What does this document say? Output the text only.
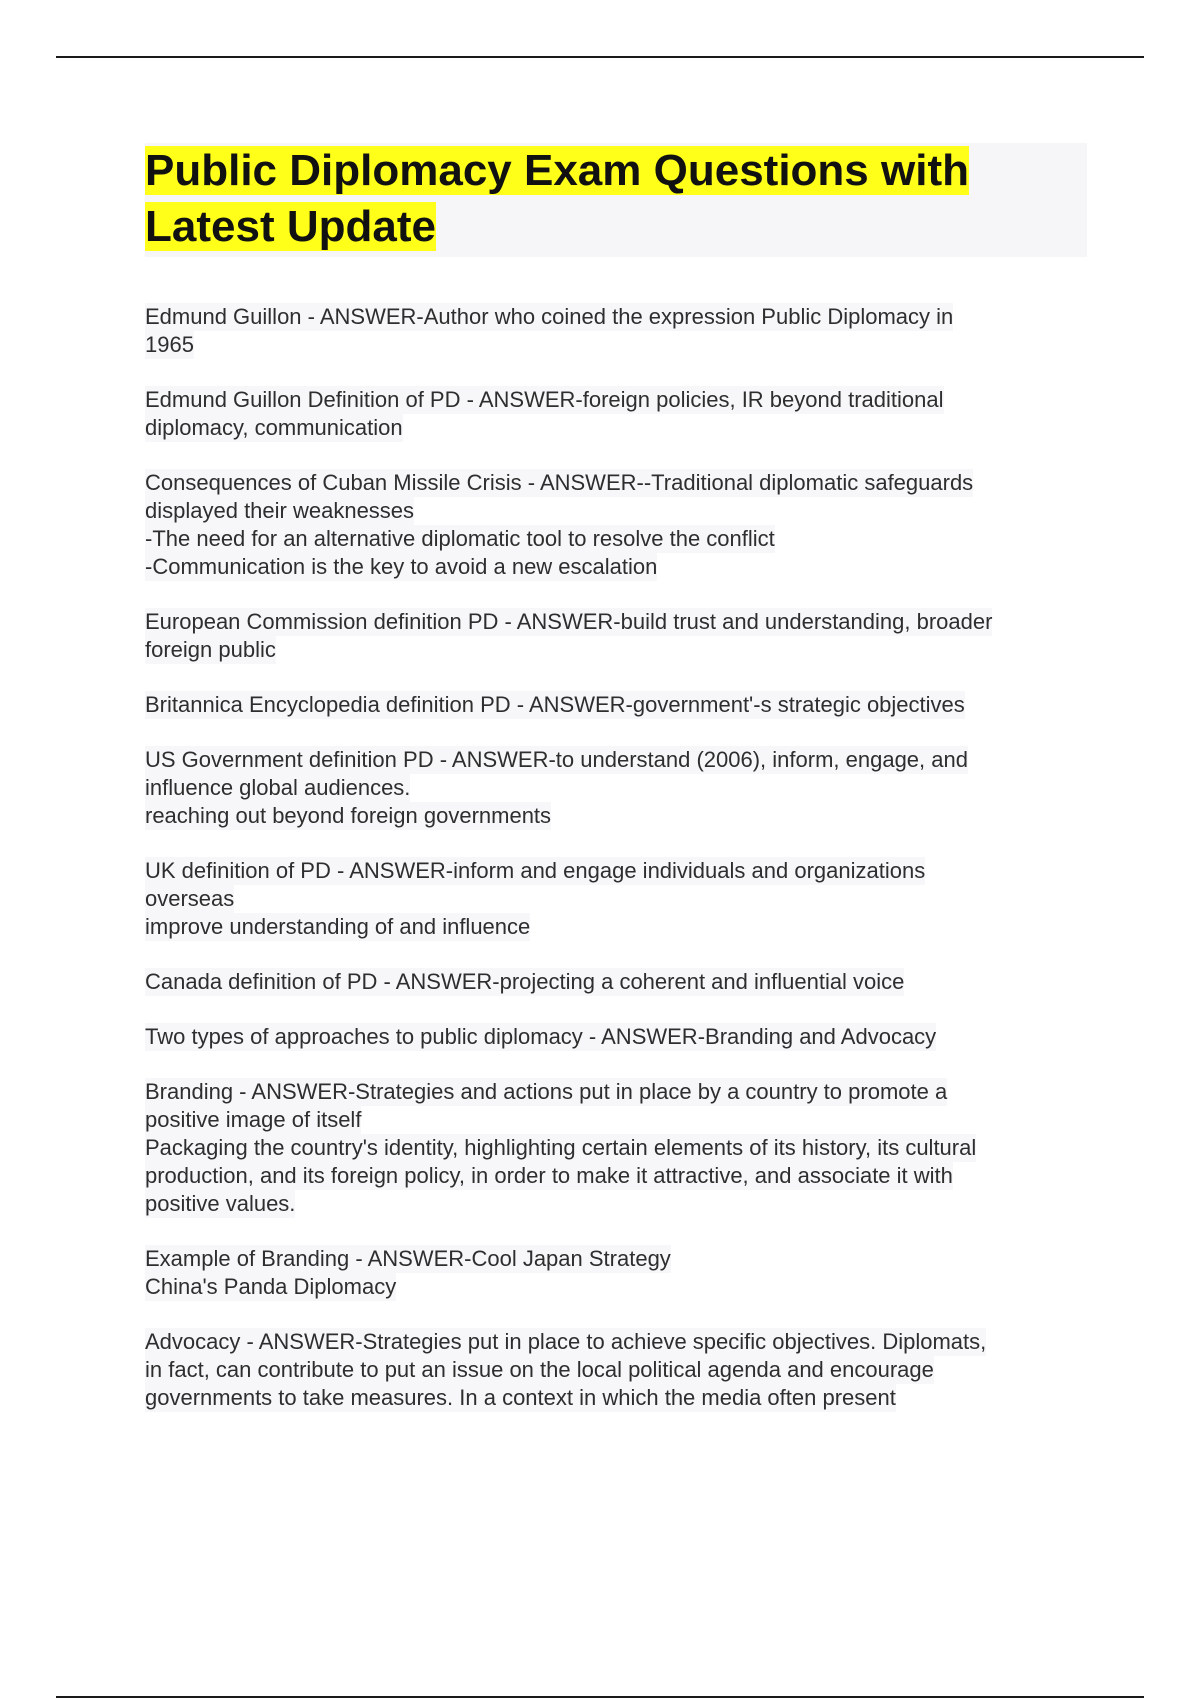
Public Diplomacy Exam Questions with
Latest Update
Edmund Guillon - ANSWER-Author who coined the expression Public Diplomacy in
1965
Edmund Guillon Definition of PD - ANSWER-foreign policies, IR beyond traditional
diplomacy, communication
Consequences of Cuban Missile Crisis - ANSWER--Traditional diplomatic safeguards
displayed their weaknesses
-The need for an alternative diplomatic tool to resolve the conflict
-Communication is the key to avoid a new escalation
European Commission definition PD - ANSWER-build trust and understanding, broader
foreign public
Britannica Encyclopedia definition PD - ANSWER-government'-s strategic objectives
US Government definition PD - ANSWER-to understand (2006), inform, engage, and
influence global audiences.
reaching out beyond foreign governments
UK definition of PD - ANSWER-inform and engage individuals and organizations
overseas
improve understanding of and influence
Canada definition of PD - ANSWER-projecting a coherent and influential voice
Two types of approaches to public diplomacy - ANSWER-Branding and Advocacy
Branding - ANSWER-Strategies and actions put in place by a country to promote a
positive image of itself
Packaging the country's identity, highlighting certain elements of its history, its cultural
production, and its foreign policy, in order to make it attractive, and associate it with
positive values.
Example of Branding - ANSWER-Cool Japan Strategy
China's Panda Diplomacy
Advocacy - ANSWER-Strategies put in place to achieve specific objectives. Diplomats,
in fact, can contribute to put an issue on the local political agenda and encourage
governments to take measures. In a context in which the media often present
